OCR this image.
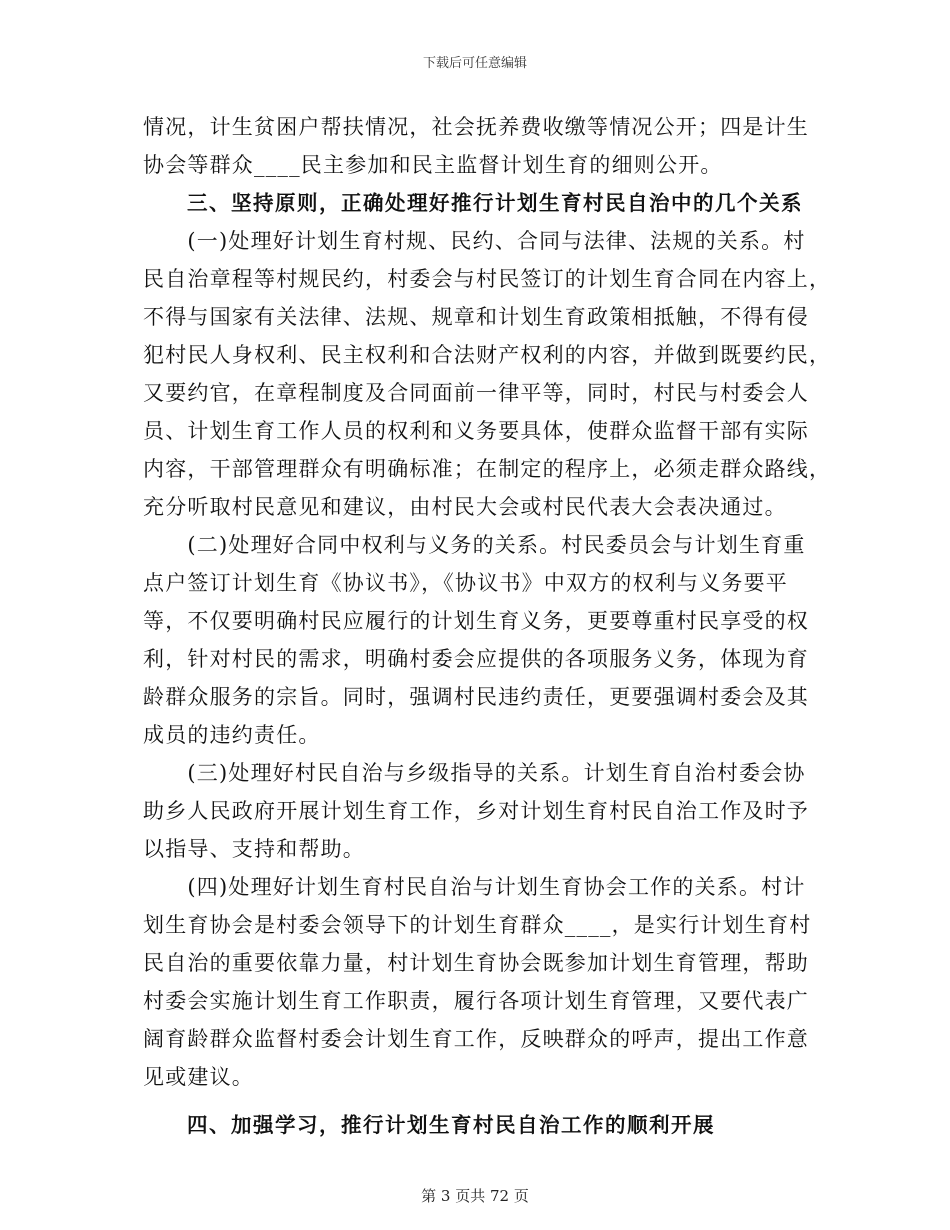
下载后可任意编辑
情况，计生贫困户帮扶情况，社会抚养费收缴等情况公开；四是计生
协会等群众____民主参加和民主监督计划生育的细则公开。
　　三、坚持原则，正确处理好推行计划生育村民自治中的几个关系
　　(一)处理好计划生育村规、民约、合同与法律、法规的关系。村
民自治章程等村规民约，村委会与村民签订的计划生育合同在内容上，
不得与国家有关法律、法规、规章和计划生育政策相抵触，不得有侵
犯村民人身权利、民主权利和合法财产权利的内容，并做到既要约民，
又要约官，在章程制度及合同面前一律平等，同时，村民与村委会人
员、计划生育工作人员的权利和义务要具体，使群众监督干部有实际
内容，干部管理群众有明确标准；在制定的程序上，必须走群众路线，
充分听取村民意见和建议，由村民大会或村民代表大会表决通过。
　　(二)处理好合同中权利与义务的关系。村民委员会与计划生育重
点户签订计划生育《协议书》，《协议书》中双方的权利与义务要平
等，不仅要明确村民应履行的计划生育义务，更要尊重村民享受的权
利，针对村民的需求，明确村委会应提供的各项服务义务，体现为育
龄群众服务的宗旨。同时，强调村民违约责任，更要强调村委会及其
成员的违约责任。
　　(三)处理好村民自治与乡级指导的关系。计划生育自治村委会协
助乡人民政府开展计划生育工作，乡对计划生育村民自治工作及时予
以指导、支持和帮助。
　　(四)处理好计划生育村民自治与计划生育协会工作的关系。村计
划生育协会是村委会领导下的计划生育群众____，是实行计划生育村
民自治的重要依靠力量，村计划生育协会既参加计划生育管理，帮助
村委会实施计划生育工作职责，履行各项计划生育管理，又要代表广
阔育龄群众监督村委会计划生育工作，反映群众的呼声，提出工作意
见或建议。
　　四、加强学习，推行计划生育村民自治工作的顺利开展
第 3 页共 72 页
